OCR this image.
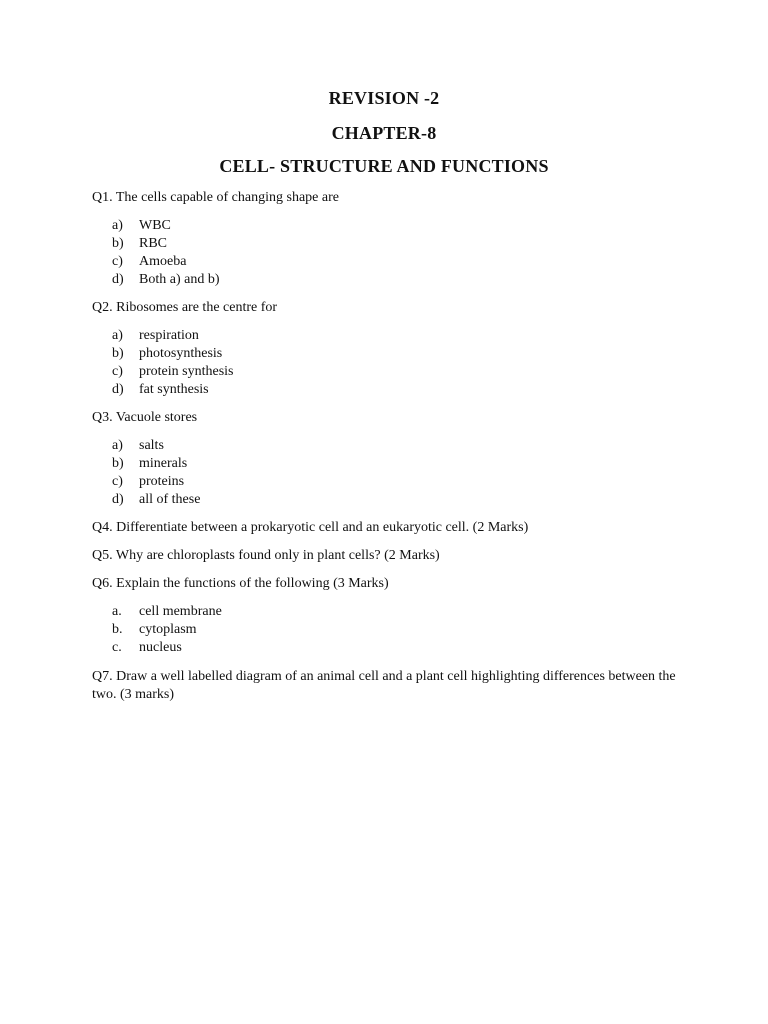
REVISION -2
CHAPTER-8
CELL- STRUCTURE AND FUNCTIONS
Q1. The cells capable of changing shape are
a)	WBC
b)	RBC
c)	Amoeba
d)	Both a) and b)
Q2. Ribosomes are the centre for
a)	respiration
b)	photosynthesis
c)	protein synthesis
d)	fat synthesis
Q3. Vacuole stores
a)	salts
b)	minerals
c)	proteins
d)	all of these
Q4. Differentiate between a prokaryotic cell and an eukaryotic cell. (2 Marks)
Q5. Why are chloroplasts found only in plant cells? (2 Marks)
Q6. Explain the functions of the following (3 Marks)
a.	cell membrane
b.	cytoplasm
c.	nucleus
Q7. Draw a well labelled diagram of an animal cell and a plant cell highlighting differences between the two. (3 marks)
